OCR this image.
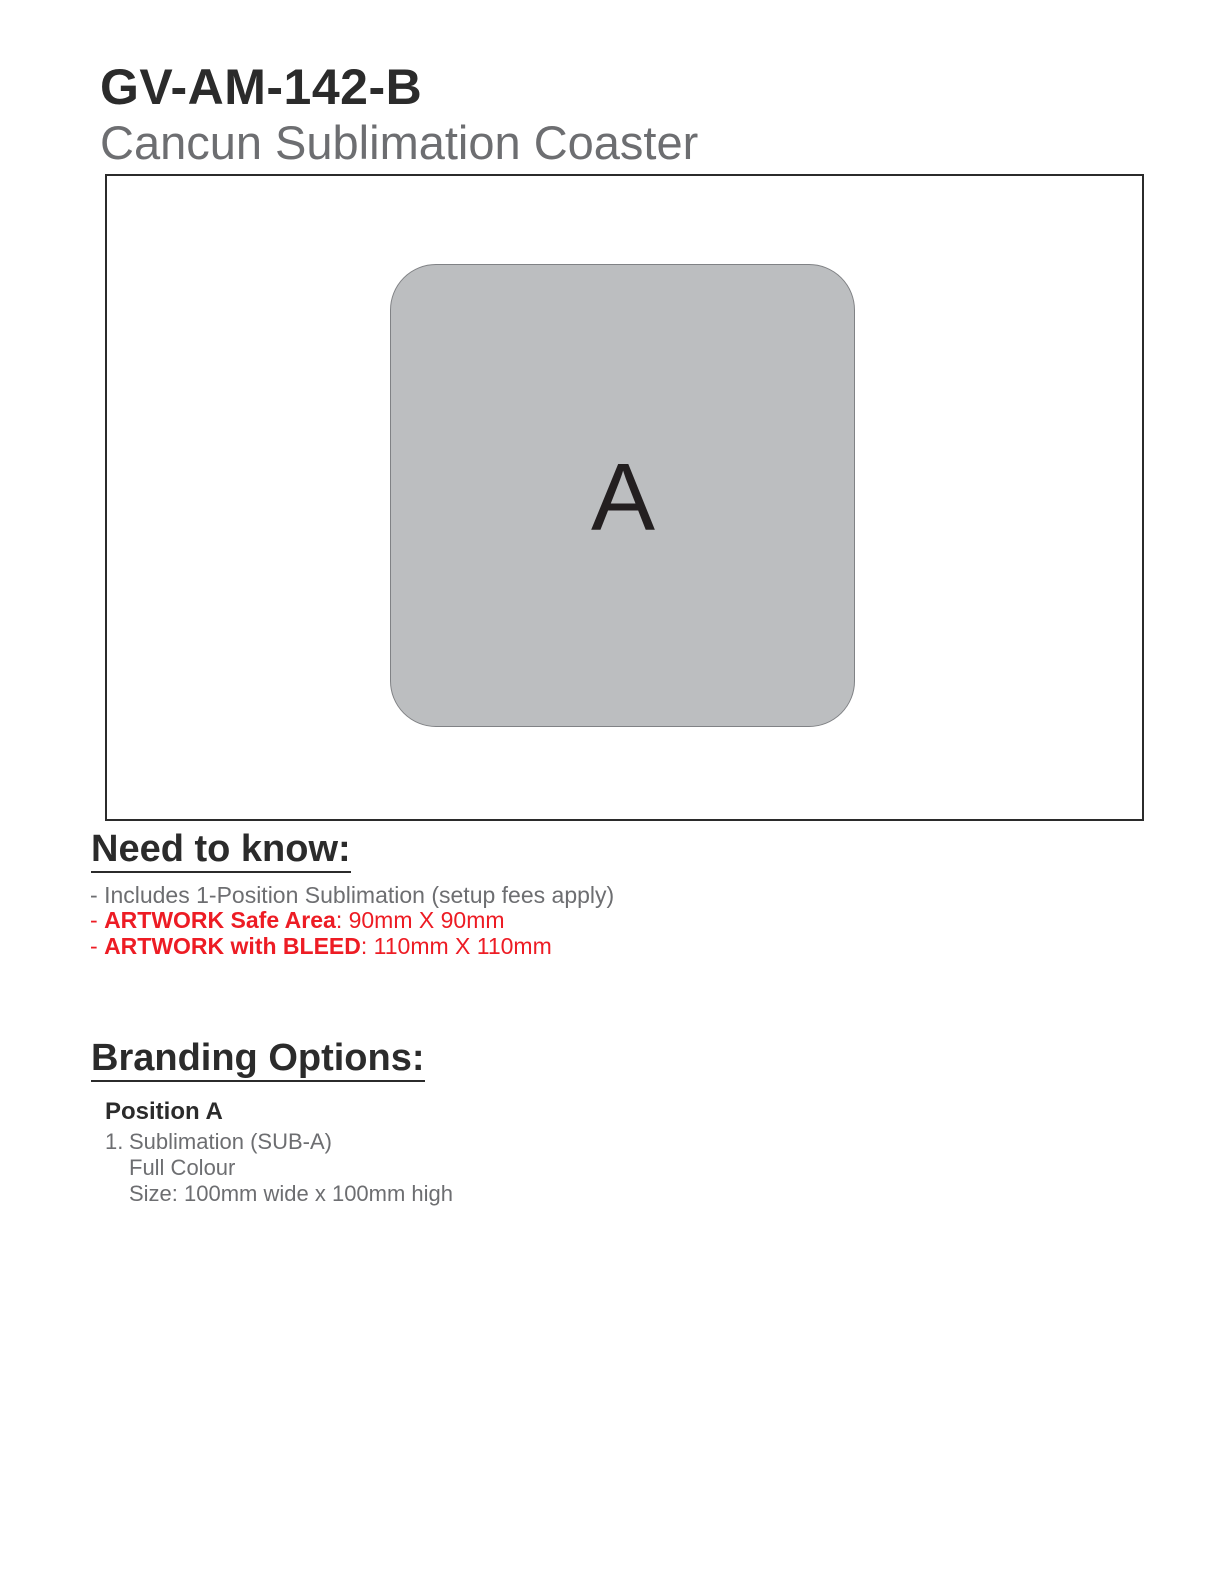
GV-AM-142-B
Cancun Sublimation Coaster
A
Need to know:
- Includes 1-Position Sublimation (setup fees apply)
- ARTWORK Safe Area: 90mm X 90mm
- ARTWORK with BLEED: 110mm X 110mm
Branding Options:
Position A
1. Sublimation (SUB-A)
Full Colour
Size: 100mm wide x 100mm high
